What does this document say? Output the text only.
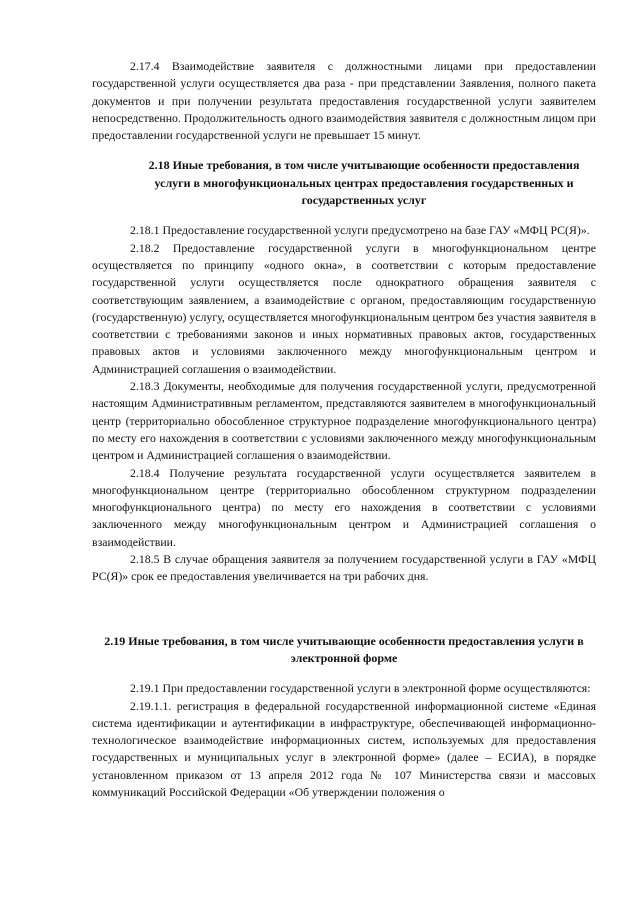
2.17.4 Взаимодействие заявителя с должностными лицами при предоставлении государственной услуги осуществляется два раза - при представлении Заявления, полного пакета документов и при получении результата предоставления государственной услуги заявителем непосредственно. Продолжительность одного взаимодействия заявителя с должностным лицом при предоставлении государственной услуги не превышает 15 минут.

2.18 Иные требования, в том числе учитывающие особенности предоставления услуги в многофункциональных центрах предоставления государственных и государственных услуг

2.18.1 Предоставление государственной услуги предусмотрено на базе ГАУ «МФЦ РС(Я)».

2.18.2 Предоставление государственной услуги в многофункциональном центре осуществляется по принципу «одного окна», в соответствии с которым предоставление государственной услуги осуществляется после однократного обращения заявителя с соответствующим заявлением, а взаимодействие с органом, предоставляющим государственную (государственную) услугу, осуществляется многофункциональным центром без участия заявителя в соответствии с требованиями законов и иных нормативных правовых актов, государственных правовых актов и условиями заключенного между многофункциональным центром и Администрацией соглашения о взаимодействии.

2.18.3 Документы, необходимые для получения государственной услуги, предусмотренной настоящим Административным регламентом, представляются заявителем в многофункциональный центр (территориально обособленное структурное подразделение многофункционального центра) по месту его нахождения в соответствии с условиями заключенного между многофункциональным центром и Администрацией соглашения о взаимодействии.

2.18.4 Получение результата государственной услуги осуществляется заявителем в многофункциональном центре (территориально обособленном структурном подразделении многофункционального центра) по месту его нахождения в соответствии с условиями заключенного между многофункциональным центром и Администрацией соглашения о взаимодействии.

2.18.5 В случае обращения заявителя за получением государственной услуги в ГАУ «МФЦ РС(Я)» срок ее предоставления увеличивается на три рабочих дня.

2.19 Иные требования, в том числе учитывающие особенности предоставления услуги в электронной форме

2.19.1 При предоставлении государственной услуги в электронной форме осуществляются:

2.19.1.1. регистрация в федеральной государственной информационной системе «Единая система идентификации и аутентификации в инфраструктуре, обеспечивающей информационно-технологическое взаимодействие информационных систем, используемых для предоставления государственных и муниципальных услуг в электронной форме» (далее – ЕСИА), в порядке установленном приказом от 13 апреля 2012 года № 107 Министерства связи и массовых коммуникаций Российской Федерации «Об утверждении положения о
